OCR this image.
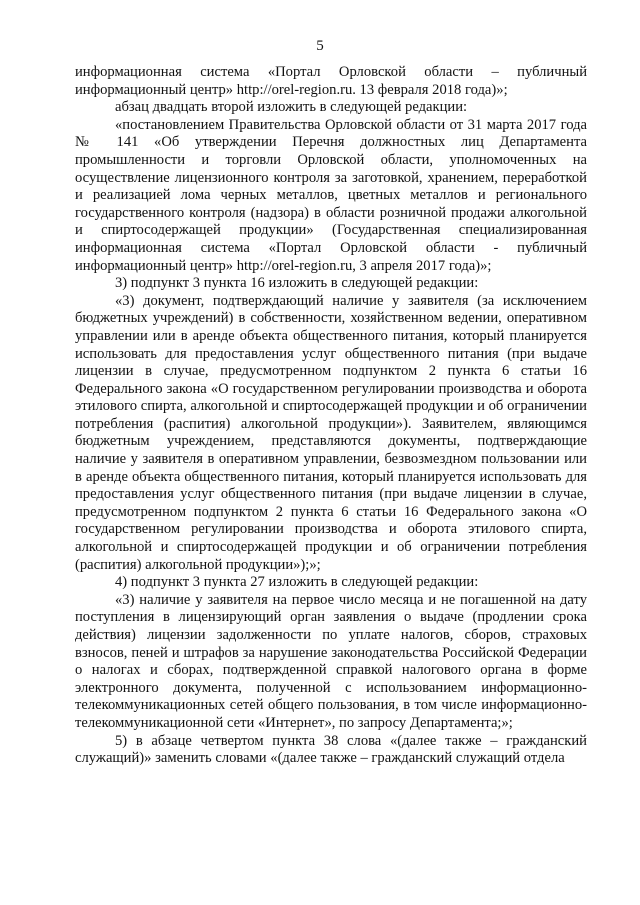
5

информационная система «Портал Орловской области – публичный информационный центр» http://orel-region.ru. 13 февраля 2018 года)»;

абзац двадцать второй изложить в следующей редакции:

«постановлением Правительства Орловской области от 31 марта 2017 года № 141 «Об утверждении Перечня должностных лиц Департамента промышленности и торговли Орловской области, уполномоченных на осуществление лицензионного контроля за заготовкой, хранением, переработкой и реализацией лома черных металлов, цветных металлов и регионального государственного контроля (надзора) в области розничной продажи алкогольной и спиртосодержащей продукции» (Государственная специализированная информационная система «Портал Орловской области - публичный информационный центр» http://orel-region.ru, 3 апреля 2017 года)»;

3) подпункт 3 пункта 16 изложить в следующей редакции:

«3) документ, подтверждающий наличие у заявителя (за исключением бюджетных учреждений) в собственности, хозяйственном ведении, оперативном управлении или в аренде объекта общественного питания, который планируется использовать для предоставления услуг общественного питания (при выдаче лицензии в случае, предусмотренном подпунктом 2 пункта 6 статьи 16 Федерального закона «О государственном регулировании производства и оборота этилового спирта, алкогольной и спиртосодержащей продукции и об ограничении потребления (распития) алкогольной продукции»). Заявителем, являющимся бюджетным учреждением, представляются документы, подтверждающие наличие у заявителя в оперативном управлении, безвозмездном пользовании или в аренде объекта общественного питания, который планируется использовать для предоставления услуг общественного питания (при выдаче лицензии в случае, предусмотренном подпунктом 2 пункта 6 статьи 16 Федерального закона «О государственном регулировании производства и оборота этилового спирта, алкогольной и спиртосодержащей продукции и об ограничении потребления (распития) алкогольной продукции»);»;

4) подпункт 3 пункта 27 изложить в следующей редакции:

«3) наличие у заявителя на первое число месяца и не погашенной на дату поступления в лицензирующий орган заявления о выдаче (продлении срока действия) лицензии задолженности по уплате налогов, сборов, страховых взносов, пеней и штрафов за нарушение законодательства Российской Федерации о налогах и сборах, подтвержденной справкой налогового органа в форме электронного документа, полученной с использованием информационно-телекоммуникационных сетей общего пользования, в том числе информационно-телекоммуникационной сети «Интернет», по запросу Департамента;»;

5) в абзаце четвертом пункта 38 слова «(далее также – гражданский служащий)» заменить словами «(далее также – гражданский служащий отдела
